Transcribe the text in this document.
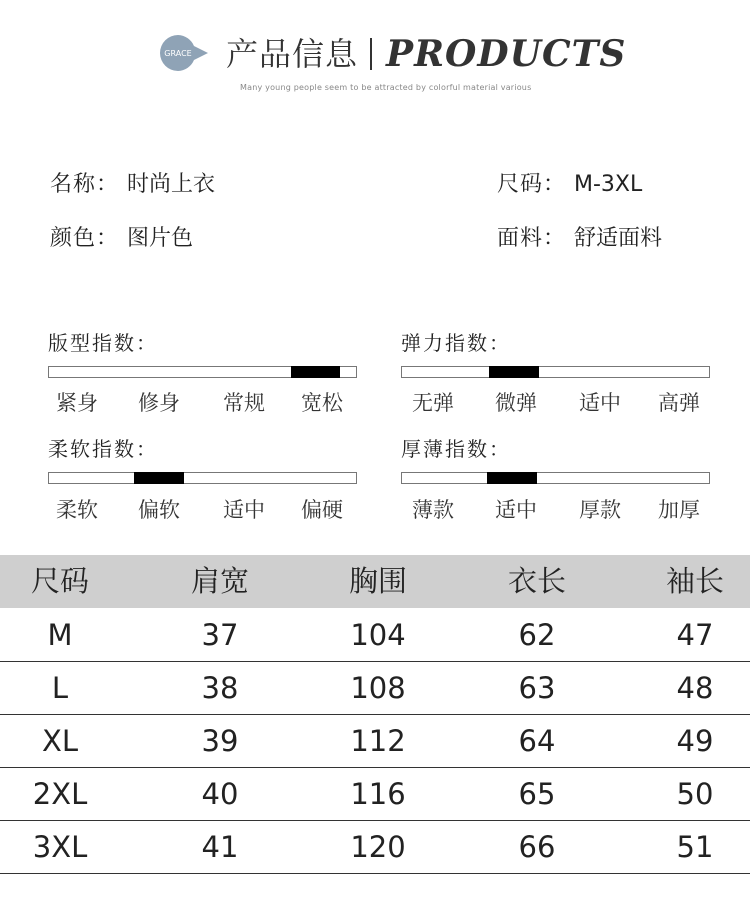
GRACE 产品信息 PRODUCTS
Many young people seem to be attracted by colorful material various
名称： 时尚上衣	尺码： M-3XL
颜色： 图片色	面料： 舒适面料
版型指数：
紧身	修身	常规	宽松
弹力指数：
无弹	微弹	适中	高弹
柔软指数：
柔软	偏软	适中	偏硬
厚薄指数：
薄款	适中	厚款	加厚
尺码	肩宽	胸围	衣长	袖长
M	37	104	62	47
L	38	108	63	48
XL	39	112	64	49
2XL	40	116	65	50
3XL	41	120	66	51
